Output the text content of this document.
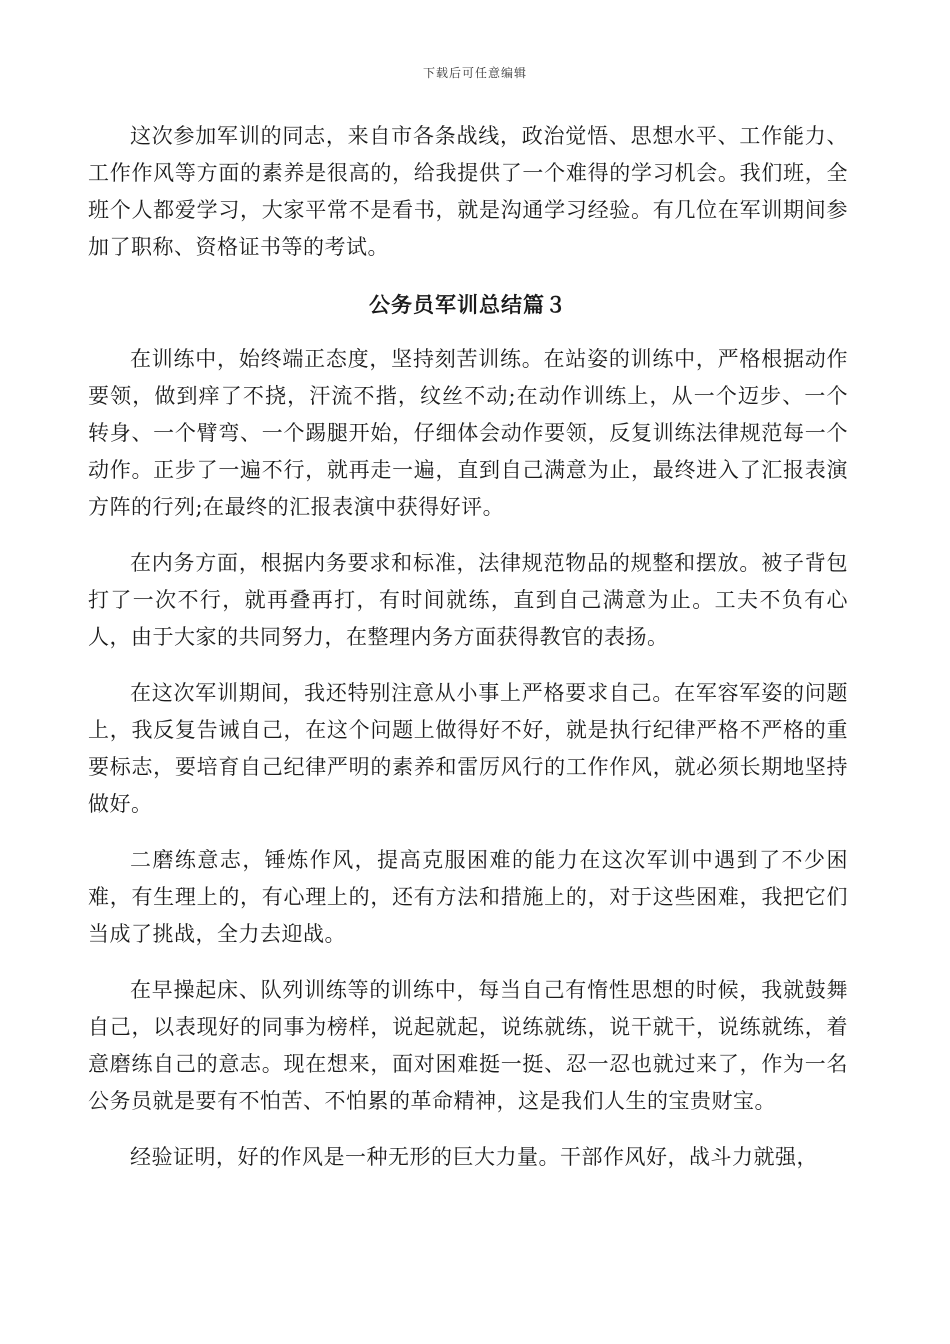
下载后可任意编辑

这次参加军训的同志，来自市各条战线，政治觉悟、思想水平、工作能力、工作作风等方面的素养是很高的，给我提供了一个难得的学习机会。我们班，全班个人都爱学习，大家平常不是看书，就是沟通学习经验。有几位在军训期间参加了职称、资格证书等的考试。

公务员军训总结篇３

在训练中，始终端正态度，坚持刻苦训练。在站姿的训练中，严格根据动作要领，做到痒了不挠，汗流不揩，纹丝不动;在动作训练上，从一个迈步、一个转身、一个臂弯、一个踢腿开始，仔细体会动作要领，反复训练法律规范每一个动作。正步了一遍不行，就再走一遍，直到自己满意为止，最终进入了汇报表演方阵的行列;在最终的汇报表演中获得好评。

在内务方面，根据内务要求和标准，法律规范物品的规整和摆放。被子背包打了一次不行，就再叠再打，有时间就练，直到自己满意为止。工夫不负有心人，由于大家的共同努力，在整理内务方面获得教官的表扬。

在这次军训期间，我还特别注意从小事上严格要求自己。在军容军姿的问题上，我反复告诫自己，在这个问题上做得好不好，就是执行纪律严格不严格的重要标志，要培育自己纪律严明的素养和雷厉风行的工作作风，就必须长期地坚持做好。

二磨练意志，锤炼作风，提高克服困难的能力在这次军训中遇到了不少困难，有生理上的，有心理上的，还有方法和措施上的，对于这些困难，我把它们当成了挑战，全力去迎战。

在早操起床、队列训练等的训练中，每当自己有惰性思想的时候，我就鼓舞自己，以表现好的同事为榜样，说起就起，说练就练，说干就干，说练就练，着意磨练自己的意志。现在想来，面对困难挺一挺、忍一忍也就过来了，作为一名公务员就是要有不怕苦、不怕累的革命精神，这是我们人生的宝贵财宝。

经验证明，好的作风是一种无形的巨大力量。干部作风好，战斗力就强，
